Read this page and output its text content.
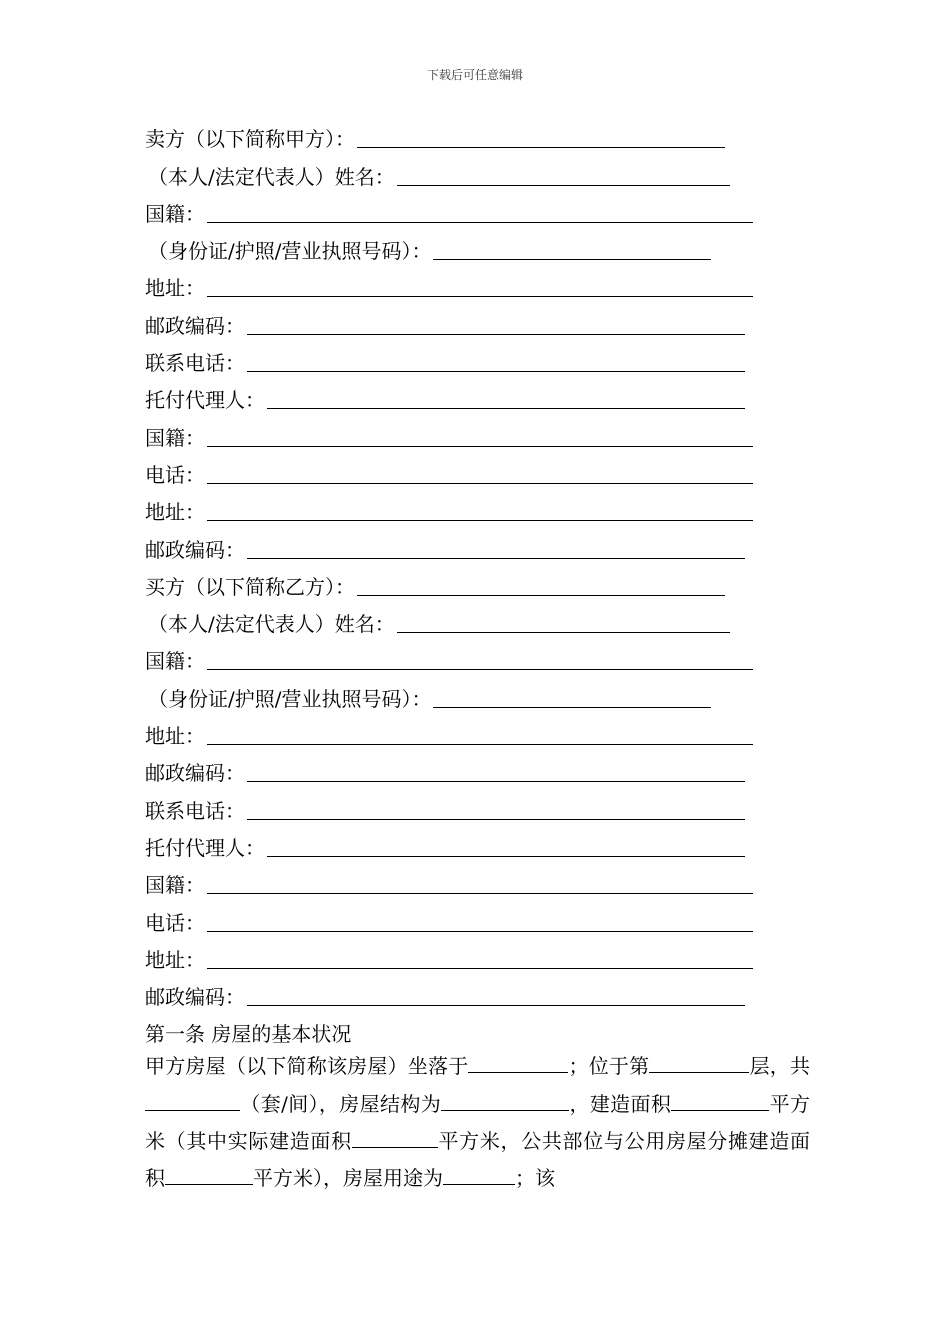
下载后可任意编辑
卖方（以下简称甲方）：
（本人/法定代表人）姓名：
国籍：
（身份证/护照/营业执照号码）：
地址：
邮政编码：
联系电话：
托付代理人：
国籍：
电话：
地址：
邮政编码：
买方（以下简称乙方）：
（本人/法定代表人）姓名：
国籍：
（身份证/护照/营业执照号码）：
地址：
邮政编码：
联系电话：
托付代理人：
国籍：
电话：
地址：
邮政编码：
第一条 房屋的基本状况
甲方房屋（以下简称该房屋）坐落于	；位于第	层，共（套/间），房屋结构为	，建造面积	平方米（其中实际建造面积	平方米，公共部位与公用房屋分摊建造面积	平方米），房屋用途为	；该
